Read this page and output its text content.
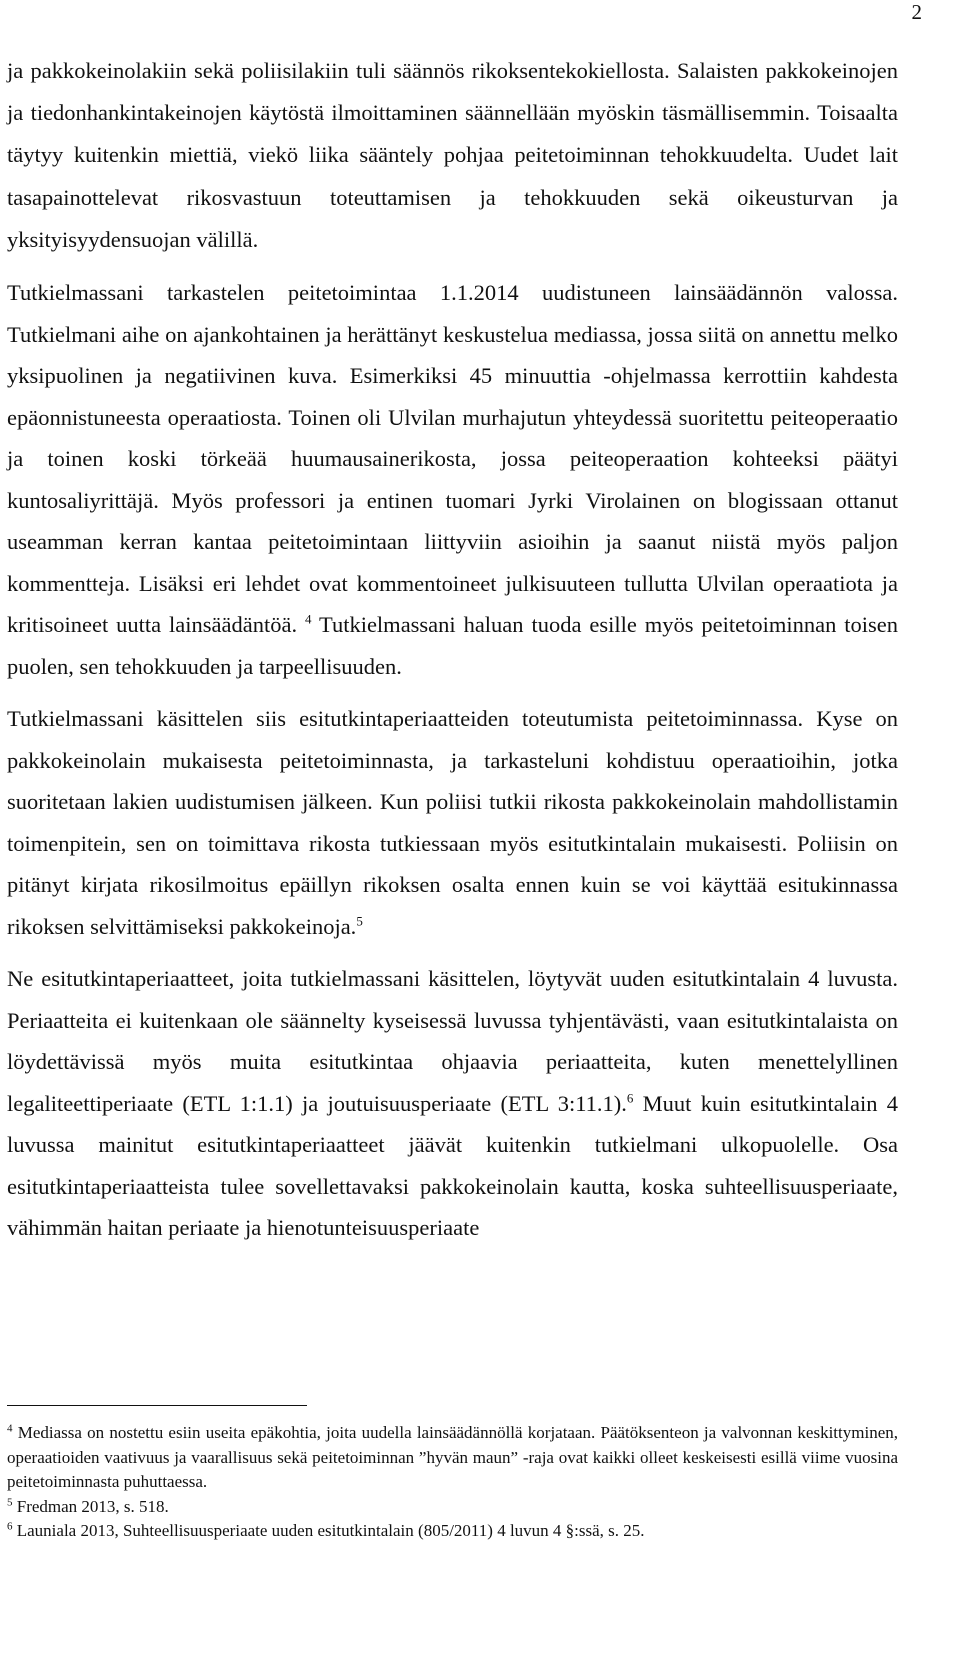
2

ja pakkokeinolakiin sekä poliisilakiin tuli säännös rikoksentekokiellosta. Salaisten pakkokeinojen ja tiedonhankintakeinojen käytöstä ilmoittaminen säännellään myöskin täsmällisemmin. Toisaalta täytyy kuitenkin miettiä, viekö liika sääntely pohjaa peitetoiminnan tehokkuudelta. Uudet lait tasapainottelevat rikosvastuun toteuttamisen ja tehokkuuden sekä oikeusturvan ja yksityisyydensuojan välillä.

Tutkielmassani tarkastelen peitetoimintaa 1.1.2014 uudistuneen lainsäädännön valossa. Tutkielmani aihe on ajankohtainen ja herättänyt keskustelua mediassa, jossa siitä on annettu melko yksipuolinen ja negatiivinen kuva. Esimerkiksi 45 minuuttia -ohjelmassa kerrottiin kahdesta epäonnistuneesta operaatiosta. Toinen oli Ulvilan murhajutun yhteydessä suoritettu peiteoperaatio ja toinen koski törkeää huumausainerikosta, jossa peiteoperaation kohteeksi päätyi kuntosaliyrittäjä. Myös professori ja entinen tuomari Jyrki Virolainen on blogissaan ottanut useamman kerran kantaa peitetoimintaan liittyviin asioihin ja saanut niistä myös paljon kommentteja. Lisäksi eri lehdet ovat kommentoineet julkisuuteen tullutta Ulvilan operaatiota ja kritisoineet uutta lainsäädäntöä. $^4$ Tutkielmassani haluan tuoda esille myös peitetoiminnan toisen puolen, sen tehokkuuden ja tarpeellisuuden.

Tutkielmassani käsittelen siis esitutkintaperiaatteiden toteutumista peitetoiminnassa. Kyse on pakkokeinolain mukaisesta peitetoiminnasta, ja tarkasteluni kohdistuu operaatioihin, jotka suoritetaan lakien uudistumisen jälkeen. Kun poliisi tutkii rikosta pakkokeinolain mahdollistamin toimenpitein, sen on toimittava rikosta tutkiessaan myös esitutkintalain mukaisesti. Poliisin on pitänyt kirjata rikosilmoitus epäillyn rikoksen osalta ennen kuin se voi käyttää esitukinnassa rikoksen selvittämiseksi pakkokeinoja.$^5$

Ne esitutkintaperiaatteet, joita tutkielmassani käsittelen, löytyvät uuden esitutkintalain 4 luvusta. Periaatteita ei kuitenkaan ole säännelty kyseisessä luvussa tyhjentävästi, vaan esitutkintalaista on löydettävissä myös muita esitutkintaa ohjaavia periaatteita, kuten menettelyllinen legaliteettiperiaate (ETL 1:1.1) ja joutuisuusperiaate (ETL 3:11.1).$^6$ Muut kuin esitutkintalain 4 luvussa mainitut esitutkintaperiaatteet jäävät kuitenkin tutkielmani ulkopuolelle. Osa esitutkintaperiaatteista tulee sovellettavaksi pakkokeinolain kautta, koska suhteellisuusperiaate, vähimmän haitan periaate ja hienotunteisuusperiaate

$^4$ Mediassa on nostettu esiin useita epäkohtia, joita uudella lainsäädännöllä korjataan. Päätöksenteon ja valvonnan keskittyminen, operaatioiden vaativuus ja vaarallisuus sekä peitetoiminnan ”hyvän maun” -raja ovat kaikki olleet keskeisesti esillä viime vuosina peitetoiminnasta puhuttaessa.

$^5$ Fredman 2013, s. 518.

$^6$ Launiala 2013, Suhteellisuusperiaate uuden esitutkintalain (805/2011) 4 luvun 4 §:ssä, s. 25.
